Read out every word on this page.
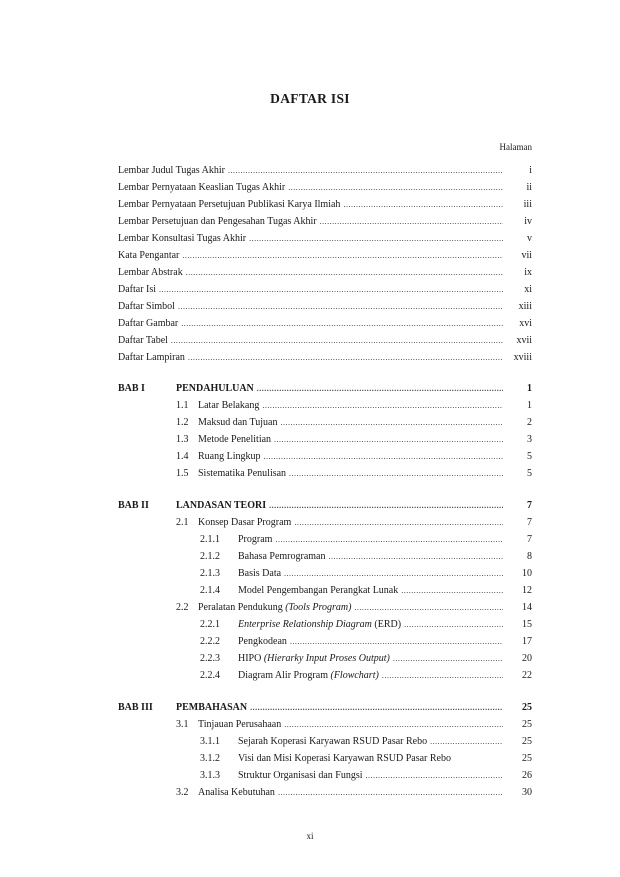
DAFTAR ISI
Halaman
xi
Lembar Judul Tugas Akhir .....	i
Lembar Pernyataan Keaslian Tugas Akhir .....	ii
Lembar Pernyataan Persetujuan Publikasi Karya Ilmiah .....	iii
Lembar Persetujuan dan Pengesahan Tugas Akhir .....	iv
Lembar Konsultasi Tugas Akhir .....	v
Kata Pengantar .....	vii
Lembar Abstrak .....	ix
Daftar Isi .....	xi
Daftar Simbol .....	xiii
Daftar Gambar .....	xvi
Daftar Tabel .....	xvii
Daftar Lampiran .....	xviii
BAB I	PENDAHULUAN .....	1
1.1 Latar Belakang .....	1
1.2 Maksud dan Tujuan .....	2
1.3 Metode Penelitian .....	3
1.4 Ruang Lingkup .....	5
1.5 Sistematika Penulisan .....	5
BAB II	LANDASAN TEORI .....	7
2.1 Konsep Dasar Program .....	7
2.1.1 Program .....	7
2.1.2 Bahasa Pemrograman .....	8
2.1.3 Basis Data .....	10
2.1.4 Model Pengembangan Perangkat Lunak .....	12
2.2 Peralatan Pendukung (Tools Program) .....	14
2.2.1 Enterprise Relationship Diagram (ERD) .....	15
2.2.2 Pengkodean .....	17
2.2.3 HIPO (Hierarky Input Proses Output) .....	20
2.2.4 Diagram Alir Program (Flowchart) .....	22
BAB III PEMBAHASAN .....	25
3.1 Tinjauan Perusahaan .....	25
3.1.1 Sejarah Koperasi Karyawan RSUD Pasar Rebo .....	25
3.1.2 Visi dan Misi Koperasi Karyawan RSUD Pasar Rebo	25
3.1.3 Struktur Organisasi dan Fungsi .....	26
3.2 Analisa Kebutuhan .....	30
